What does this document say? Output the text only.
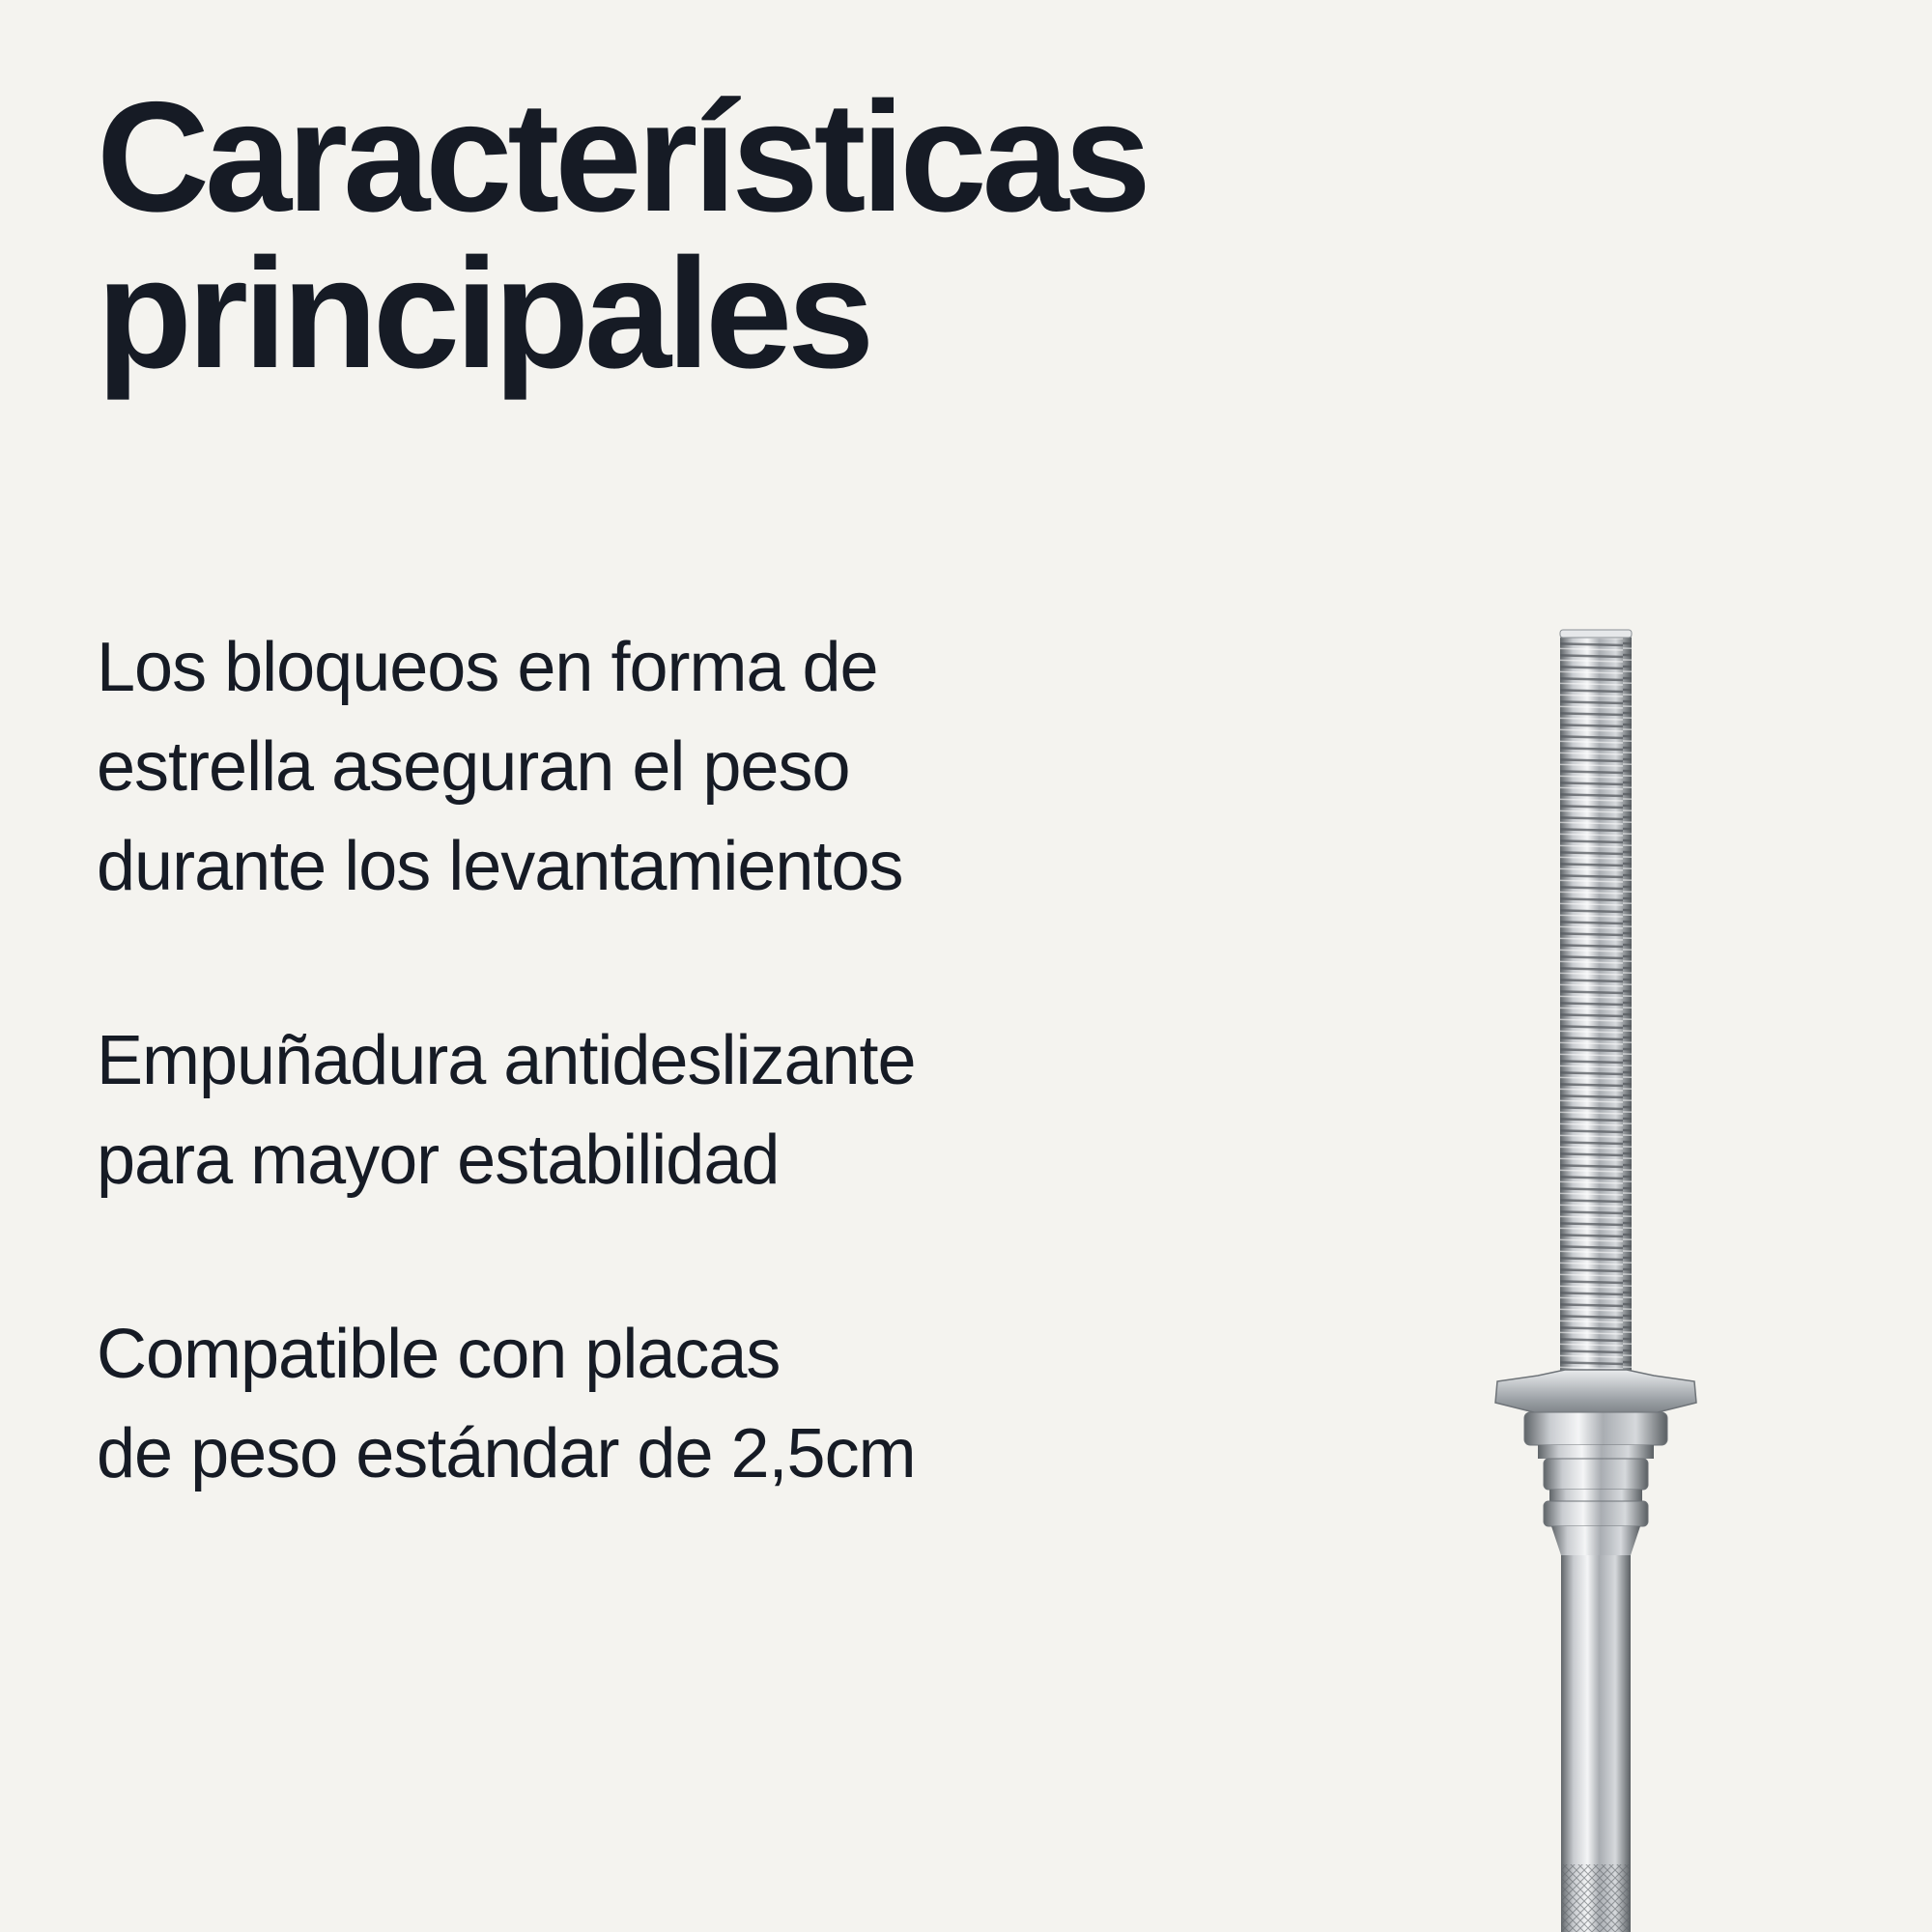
Características
principales

Los bloqueos en forma de
estrella aseguran el peso
durante los levantamientos

Empuñadura antideslizante
para mayor estabilidad

Compatible con placas
de peso estándar de 2,5cm
